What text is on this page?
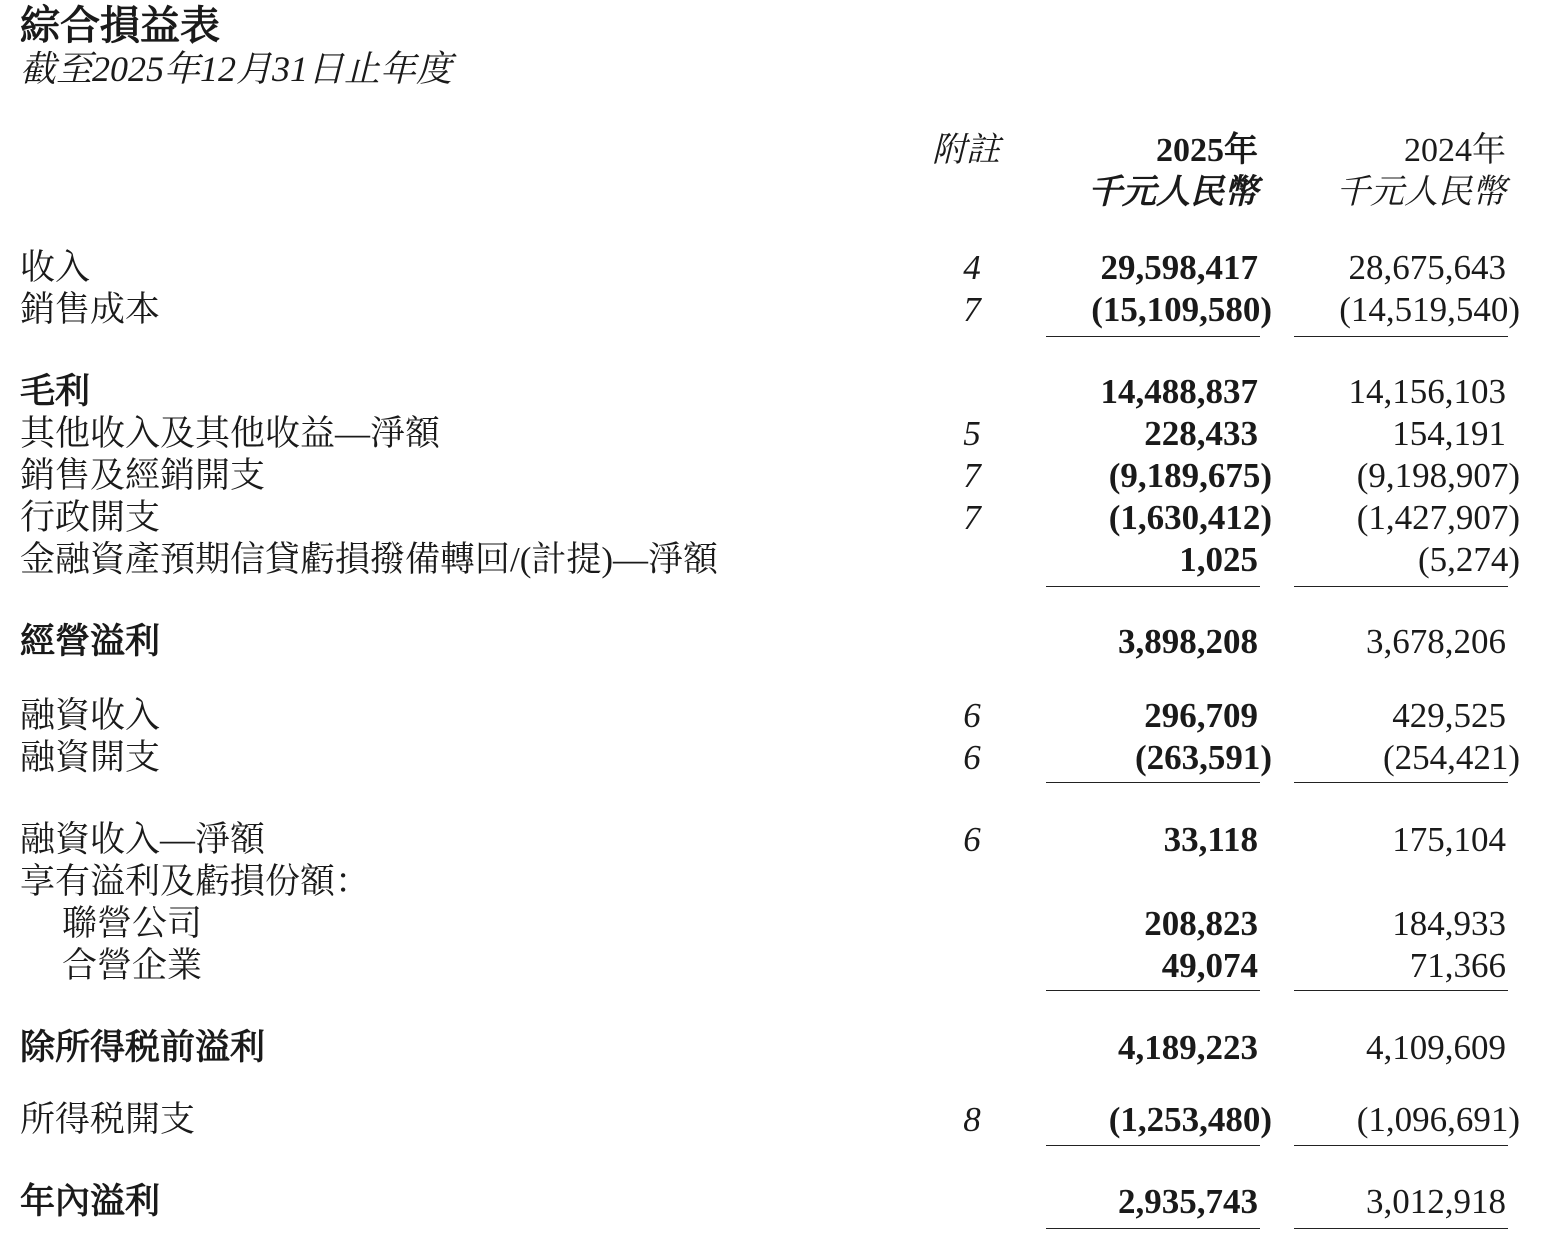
綜合損益表
截至2025年12月31日止年度
附註	2025年	2024年
千元人民幣 千元人民幣
收入	4	29,598,417	28,675,643
銷售成本	7	(15,109,580) (14,519,540)
毛利	14,488,837	14,156,103
其他收入及其他收益—淨額	5	228,433	154,191
銷售及經銷開支	7	(9,189,675) (9,198,907)
行政開支	7	(1,630,412) (1,427,907)
金融資產預期信貸虧損撥備轉回/(計提)—淨額	1,025	(5,274)
經營溢利	3,898,208	3,678,206
融資收入	6	296,709	429,525
融資開支	6	(263,591)	(254,421)
融資收入—淨額	6	33,118	175,104
享有溢利及虧損份額：
聯營公司	208,823	184,933
合營企業	49,074	71,366
除所得税前溢利	4,189,223	4,109,609
所得税開支	8	(1,253,480) (1,096,691)
年內溢利	2,935,743	3,012,918
